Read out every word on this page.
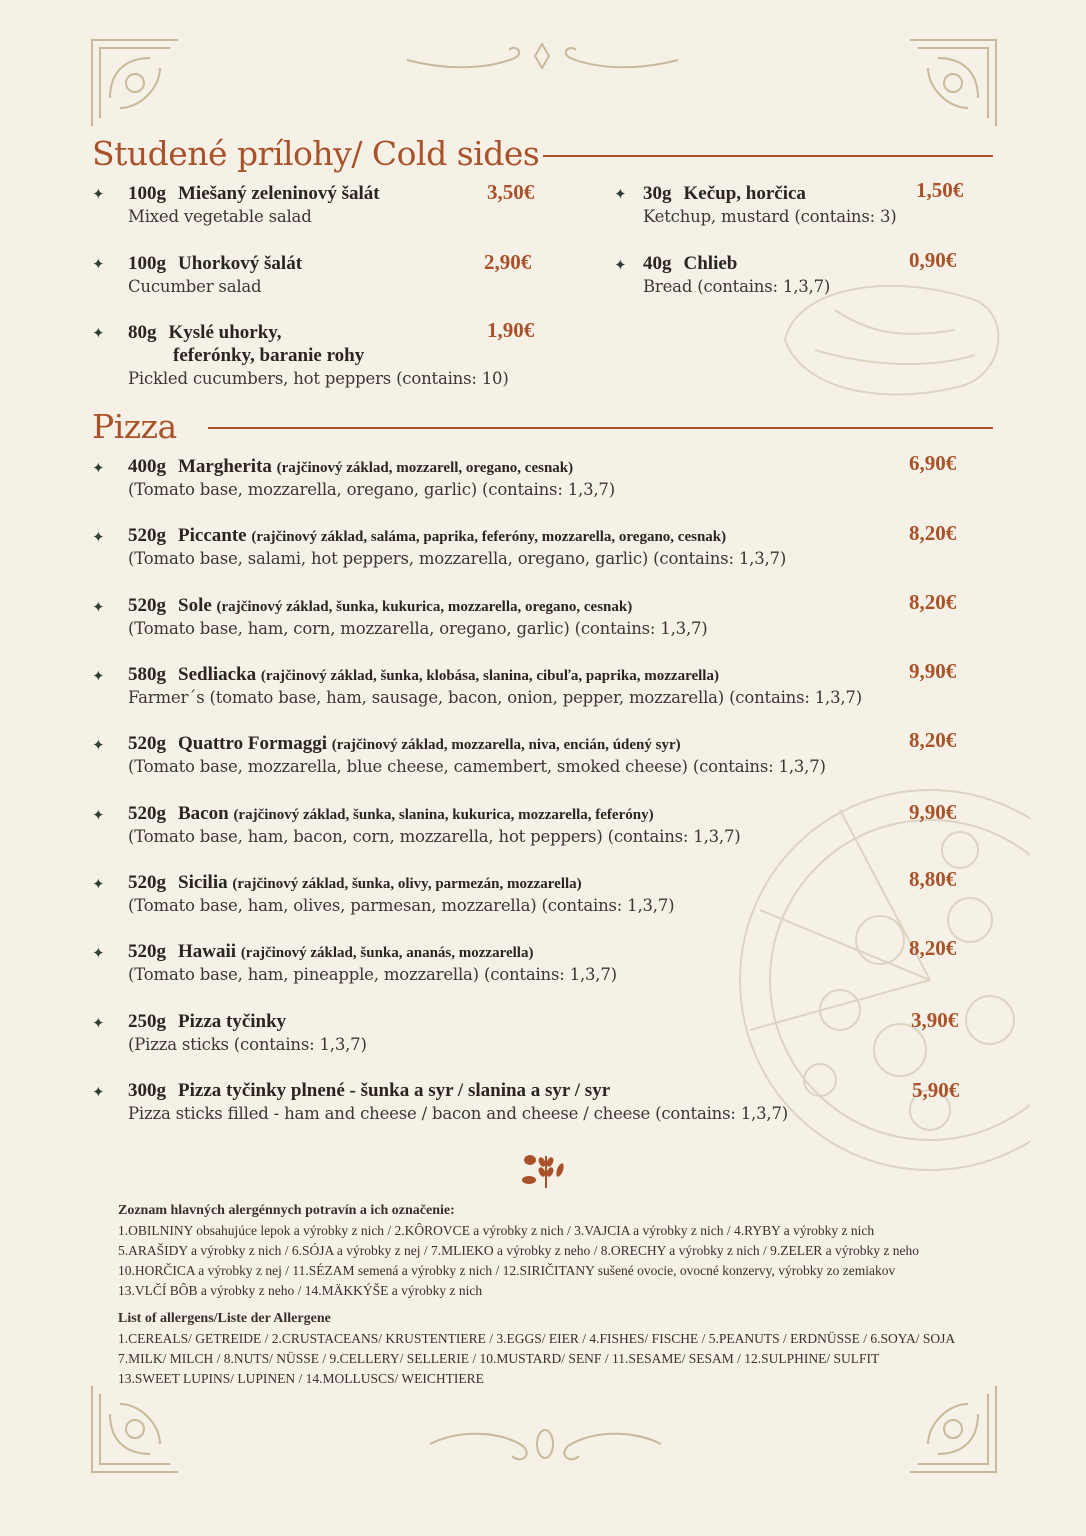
Studené prílohy/ Cold sides
✦ 100g Miešaný zeleninový šalát
Mixed vegetable salad
3,50€
✦ 100g Uhorkový šalát
Cucumber salad
2,90€
✦ 80g Kyslé uhorky,
feferónky, baranie rohy
Pickled cucumbers, hot peppers (contains: 10)
1,90€
✦ 30g Kečup, horčica
Ketchup, mustard (contains: 3)
1,50€
✦ 40g Chlieb
Bread (contains: 1,3,7)
0,90€
Pizza
✦ 400g Margherita (rajčinový základ, mozzarell, oregano, cesnak)
(Tomato base, mozzarella, oregano, garlic) (contains: 1,3,7)
6,90€
✦ 520g Piccante (rajčinový základ, saláma, paprika, feferóny, mozzarella, oregano, cesnak)
(Tomato base, salami, hot peppers, mozzarella, oregano, garlic) (contains: 1,3,7)
8,20€
✦ 520g Sole (rajčinový základ, šunka, kukurica, mozzarella, oregano, cesnak)
(Tomato base, ham, corn, mozzarella, oregano, garlic) (contains: 1,3,7)
8,20€
✦ 580g Sedliacka (rajčinový základ, šunka, klobása, slanina, cibuľa, paprika, mozzarella)
Farmer´s (tomato base, ham, sausage, bacon, onion, pepper, mozzarella) (contains: 1,3,7)
9,90€
✦ 520g Quattro Formaggi (rajčinový základ, mozzarella, niva, encián, údený syr)
(Tomato base, mozzarella, blue cheese, camembert, smoked cheese) (contains: 1,3,7)
8,20€
✦ 520g Bacon (rajčinový základ, šunka, slanina, kukurica, mozzarella, feferóny)
(Tomato base, ham, bacon, corn, mozzarella, hot peppers) (contains: 1,3,7)
9,90€
✦ 520g Sicilia (rajčinový základ, šunka, olivy, parmezán, mozzarella)
(Tomato base, ham, olives, parmesan, mozzarella) (contains: 1,3,7)
8,80€
✦ 520g Hawaii (rajčinový základ, šunka, ananás, mozzarella)
(Tomato base, ham, pineapple, mozzarella) (contains: 1,3,7)
8,20€
✦ 250g Pizza tyčinky
(Pizza sticks (contains: 1,3,7)
3,90€
✦ 300g Pizza tyčinky plnené - šunka a syr / slanina a syr / syr
Pizza sticks filled - ham and cheese / bacon and cheese / cheese (contains: 1,3,7)
5,90€
Zoznam hlavných alergénnych potravín a ich označenie:
1.OBILNINY obsahujúce lepok a výrobky z nich / 2.KÔROVCE a výrobky z nich / 3.VAJCIA a výrobky z nich / 4.RYBY a výrobky z nich
5.ARAŠIDY a výrobky z nich / 6.SÓJA a výrobky z nej / 7.MLIEKO a výrobky z neho / 8.ORECHY a výrobky z nich / 9.ZELER a výrobky z neho
10.HORČICA a výrobky z nej / 11.SÉZAM semená a výrobky z nich / 12.SIRIČITANY sušené ovocie, ovocné konzervy, výrobky zo zemiakov
13.VLČÍ BÔB a výrobky z neho / 14.MÄKKÝŠE a výrobky z nich
List of allergens/Liste der Allergene
1.CEREALS/ GETREIDE / 2.CRUSTACEANS/ KRUSTENTIERE / 3.EGGS/ EIER / 4.FISHES/ FISCHE / 5.PEANUTS / ERDNÜSSE / 6.SOYA/ SOJA
7.MILK/ MILCH / 8.NUTS/ NÜSSE / 9.CELLERY/ SELLERIE / 10.MUSTARD/ SENF / 11.SESAME/ SESAM / 12.SULPHINE/ SULFIT
13.SWEET LUPINS/ LUPINEN / 14.MOLLUSCS/ WEICHTIERE
